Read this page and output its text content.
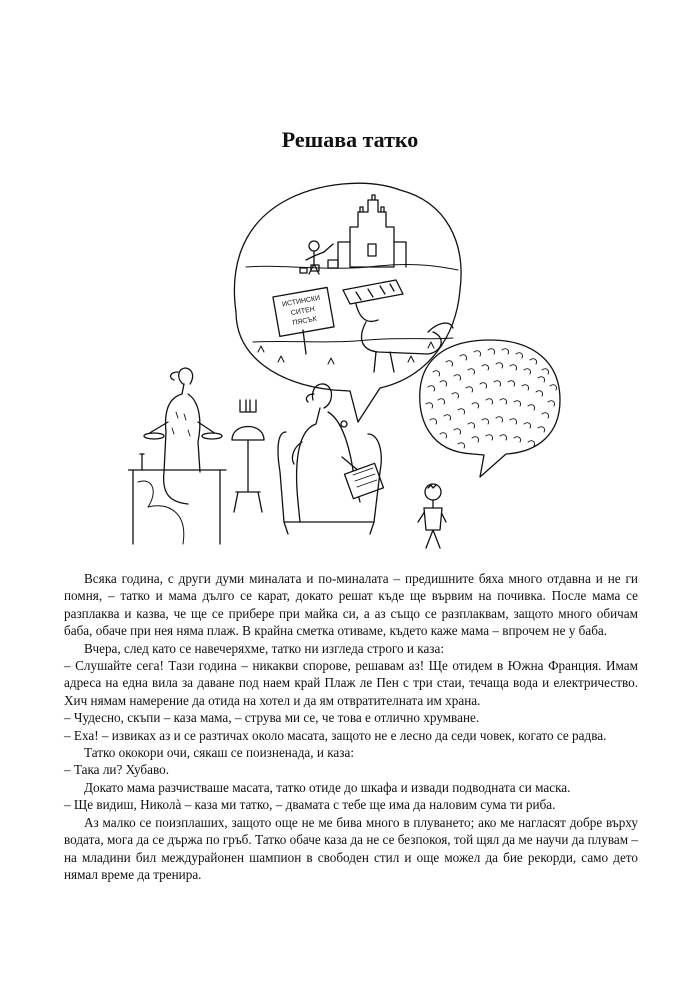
Решава татко
ИСТИНСКИ
СИТЕН
ПЯСЪК

Всяка година, с други думи миналата и по-миналата – предишните бяха много отдавна и не ги помня, – татко и мама дълго се карат, докато решат къде ще вървим на почивка. После мама се разплаква и казва, че ще се прибере при майка си, а аз също се разплаквам, защото много обичам баба, обаче при нея няма плаж. В крайна сметка отиваме, където каже мама – впрочем не у баба.

Вчера, след като се навечеряхме, татко ни изгледа строго и каза:

– Слушайте сега! Тази година – никакви спорове, решавам аз! Ще отидем в Южна Франция. Имам адреса на една вила за даване под наем край Плаж ле Пен с три стаи, течаща вода и електричество. Хич нямам намерение да отида на хотел и да ям отвратителната им храна.

– Чудесно, скъпи – каза мама, – струва ми се, че това е отлично хрумване.

– Еха! – извиках аз и се разтичах около масата, защото не е лесно да седи човек, когато се радва.

Татко ококори очи, сякаш се поизненада, и каза:

– Така ли? Хубаво.

Докато мама разчистваше масата, татко отиде до шкафа и извади подводната си маска.

– Ще видиш, Николà – каза ми татко, – двамата с тебе ще има да наловим сума ти риба.

Аз малко се поизплаших, защото още не ме бива много в плуването; ако ме нагласят добре върху водата, мога да се държа по гръб. Татко обаче каза да не се безпокоя, той щял да ме научи да плувам – на младини бил междурайонен шампион в свободен стил и още можел да бие рекорди, само дето нямал време да тренира.
